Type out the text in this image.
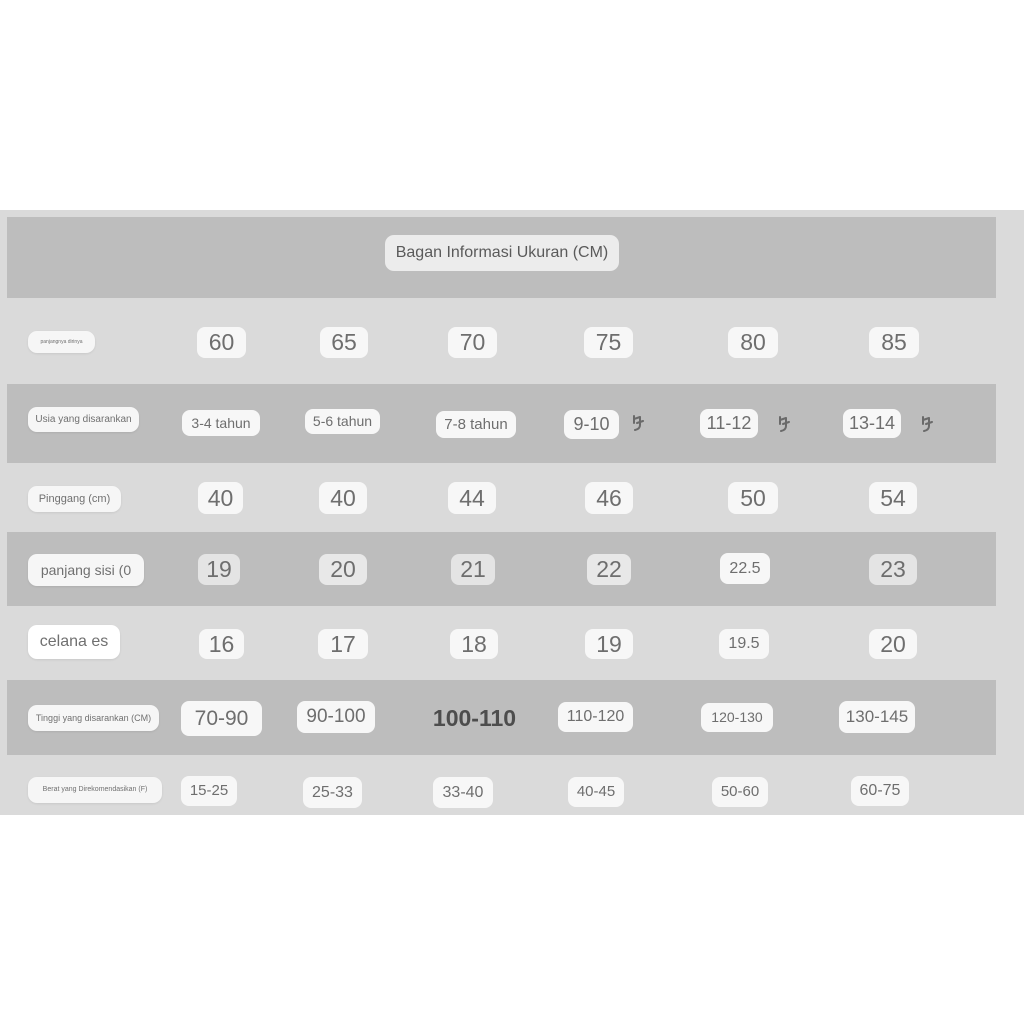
Bagan Informasi Ukuran (CM)
panjangnya dirinya	60	65	70	75	80	85
Usia yang disarankan	3-4 tahun	5-6 tahun	7-8 tahun	9-10	11-12	13-14
Pinggang (cm)	40	40	44	46	50	54
panjang sisi (0	19	20	21	22	22.5	23
celana es	16	17	18	19	19.5	20
Tinggi yang disarankan (CM)	70-90	90-100	100-110	110-120	120-130	130-145
Berat yang Direkomendasikan (F)	15-25	25-33	33-40	40-45	50-60	60-75
